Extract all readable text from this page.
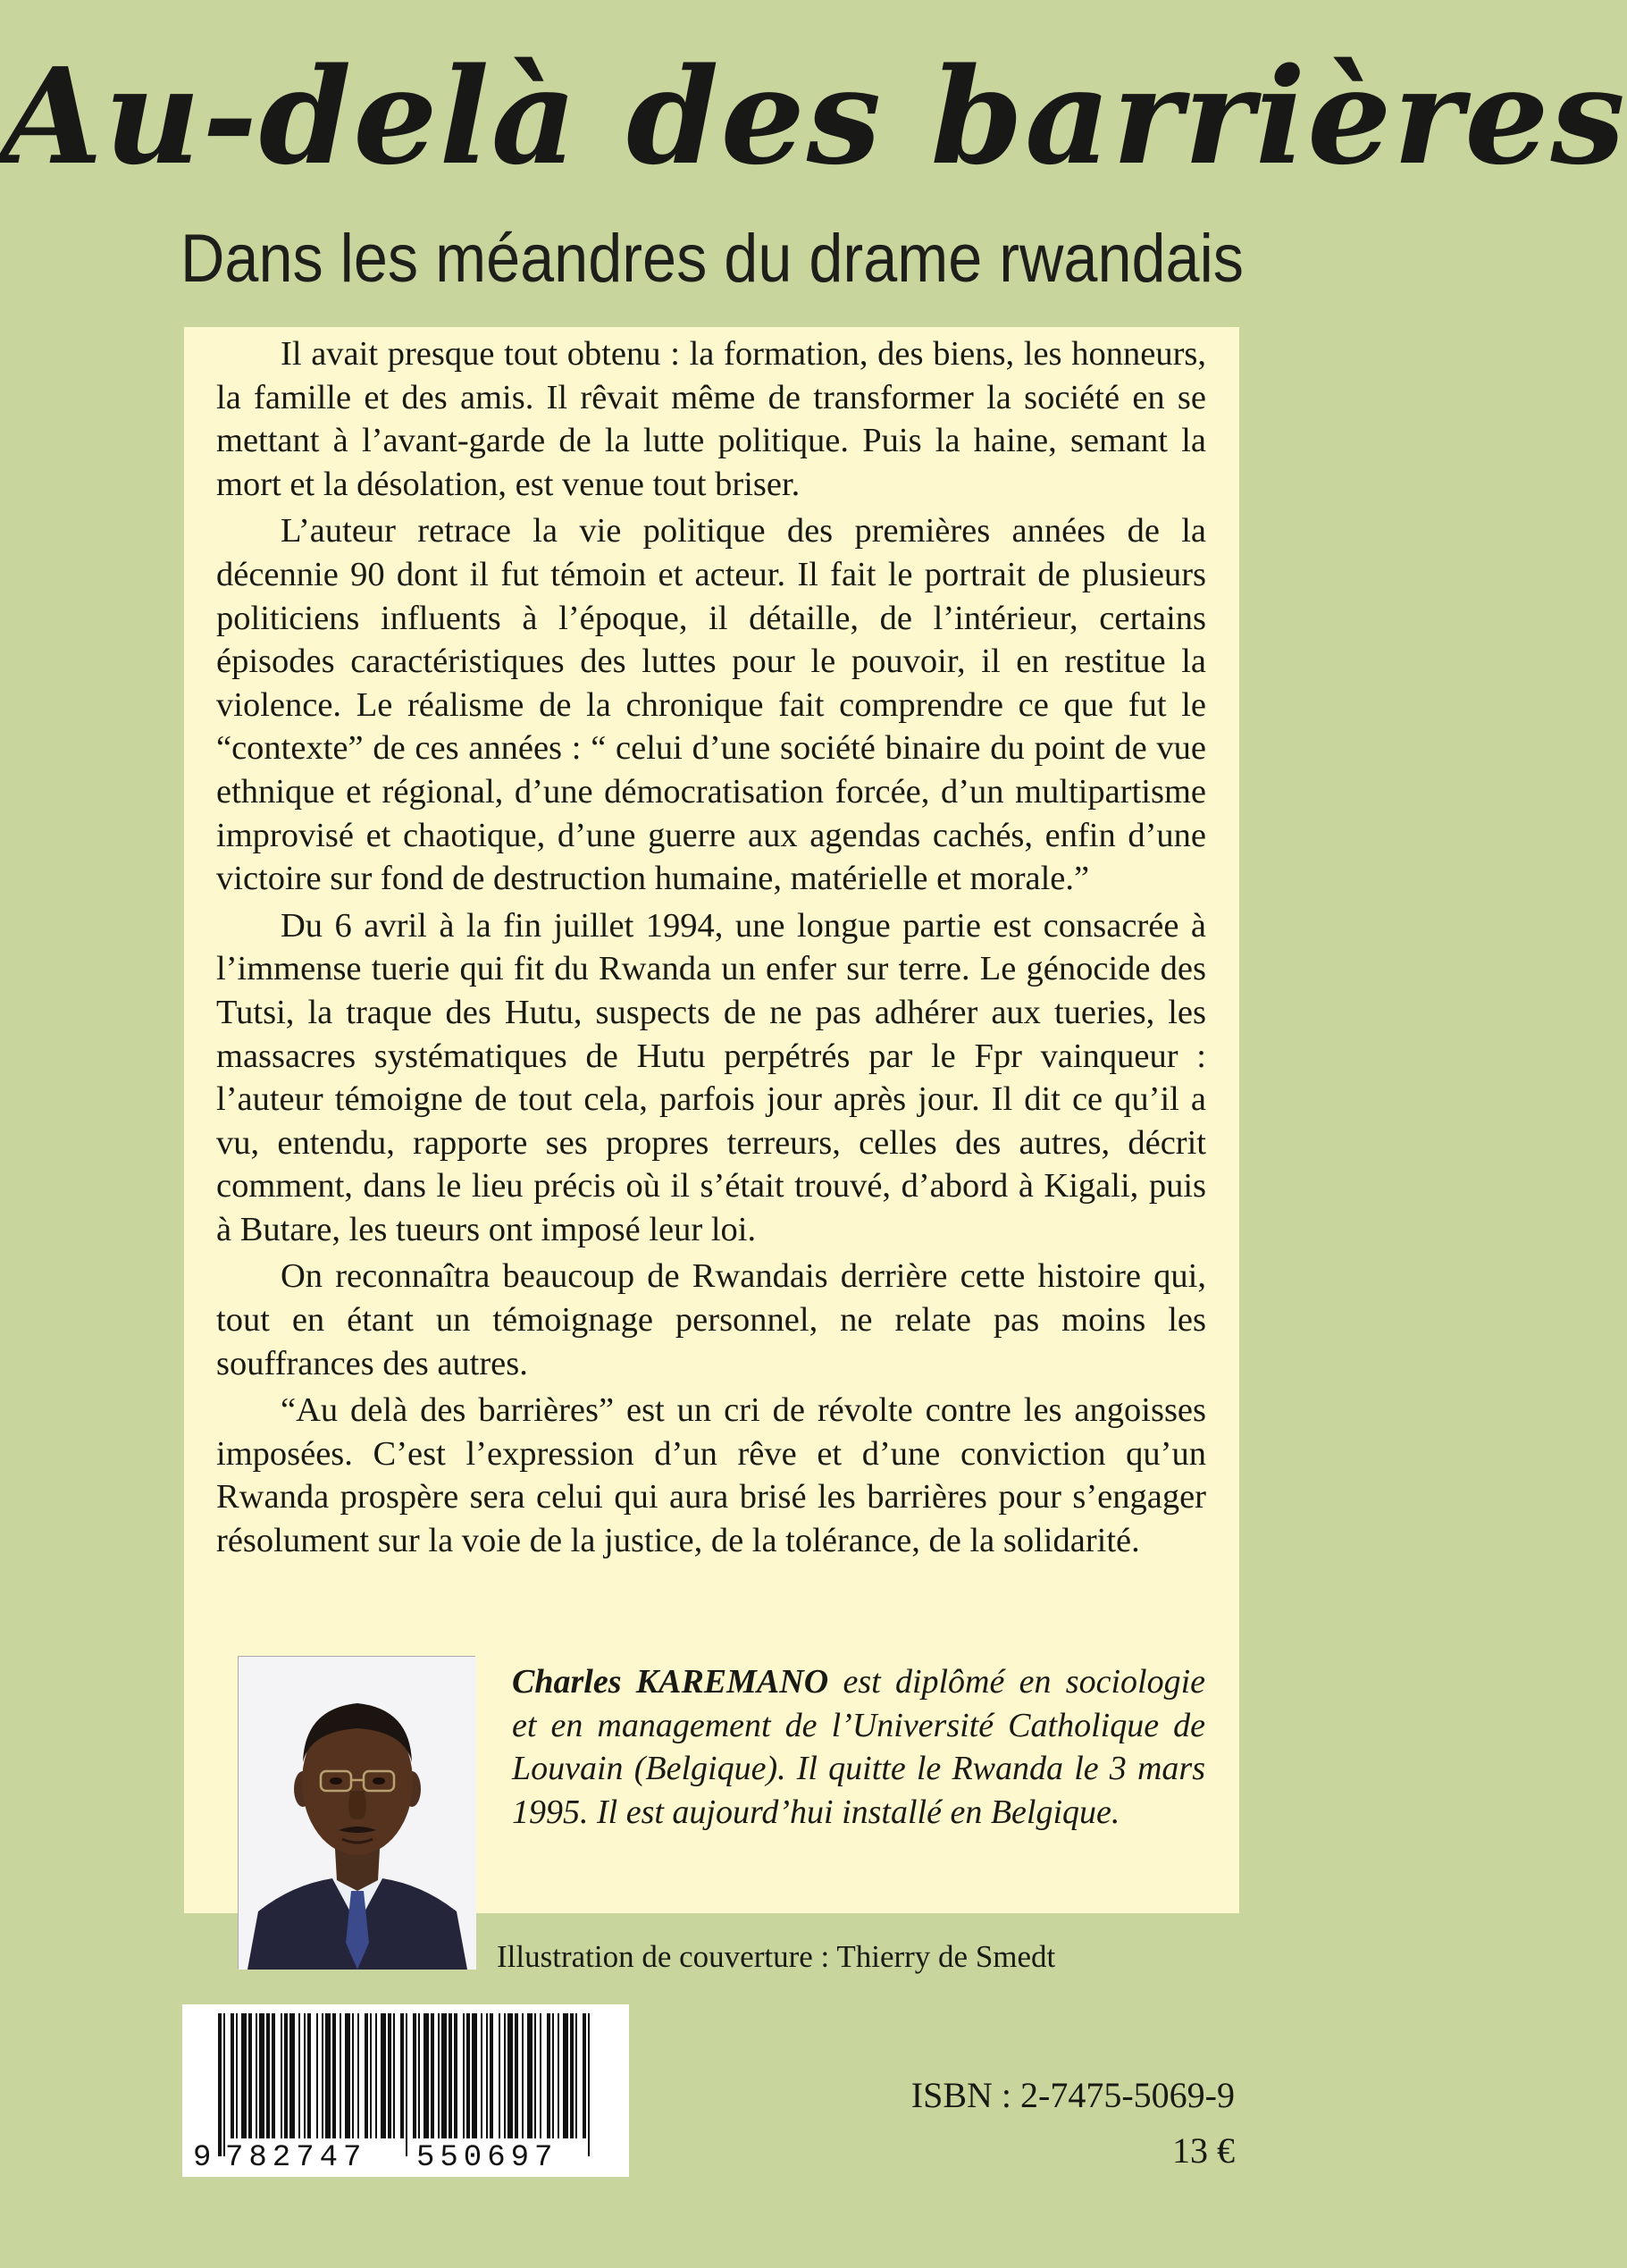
Au-delà des barrières
Dans les méandres du drame rwandais

Il avait presque tout obtenu : la formation, des biens, les honneurs, la famille et des amis. Il rêvait même de transformer la société en se mettant à l’avant-garde de la lutte politique. Puis la haine, semant la mort et la désolation, est venue tout briser.

L’auteur retrace la vie politique des premières années de la décennie 90 dont il fut témoin et acteur. Il fait le portrait de plusieurs politiciens influents à l’époque, il détaille, de l’intérieur, certains épisodes caractéristiques des luttes pour le pouvoir, il en restitue la violence. Le réalisme de la chronique fait comprendre ce que fut le “contexte” de ces années : “ celui d’une société binaire du point de vue ethnique et régional, d’une démocratisation forcée, d’un multipartisme improvisé et chaotique, d’une guerre aux agendas cachés, enfin d’une victoire sur fond de destruction humaine, matérielle et morale.”

Du 6 avril à la fin juillet 1994, une longue partie est consacrée à l’immense tuerie qui fit du Rwanda un enfer sur terre. Le génocide des Tutsi, la traque des Hutu, suspects de ne pas adhérer aux tueries, les massacres systématiques de Hutu perpétrés par le Fpr vainqueur : l’auteur témoigne de tout cela, parfois jour après jour. Il dit ce qu’il a vu, entendu, rapporte ses propres terreurs, celles des autres, décrit comment, dans le lieu précis où il s’était trouvé, d’abord à Kigali, puis à Butare, les tueurs ont imposé leur loi.

On reconnaîtra beaucoup de Rwandais derrière cette histoire qui, tout en étant un témoignage personnel, ne relate pas moins les souffrances des autres.

“Au delà des barrières” est un cri de révolte contre les angoisses imposées. C’est l’expression d’un rêve et d’une conviction qu’un Rwanda prospère sera celui qui aura brisé les barrières pour s’engager résolument sur la voie de la justice, de la tolérance, de la solidarité.

Charles KAREMANO est diplômé en sociologie et en management de l’Université Catholique de Louvain (Belgique). Il quitte le Rwanda le 3 mars 1995. Il est aujourd’hui installé en Belgique.
Illustration de couverture : Thierry de Smedt
9 782747 550697
ISBN : 2-7475-5069-9
13 €
